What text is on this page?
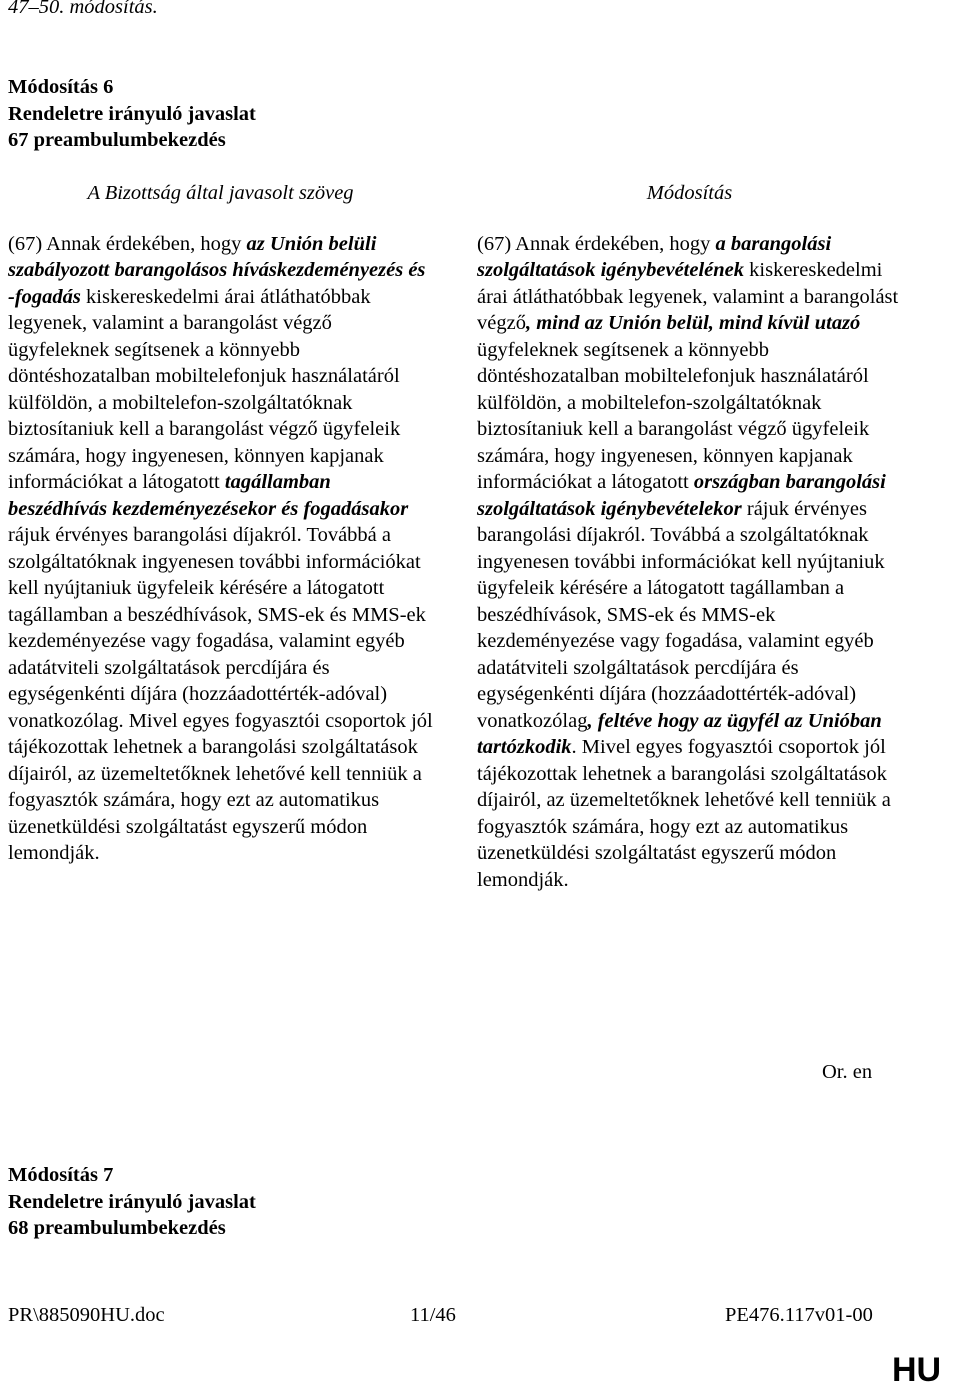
47–50. módosítás.
Módosítás 6
Rendeletre irányuló javaslat
67 preambulumbekezdés
A Bizottság által javasolt szöveg

(67) Annak érdekében, hogy az Unión belüli szabályozott barangolásos híváskezdeményezés és -fogadás kiskereskedelmi árai átláthatóbbak legyenek, valamint a barangolást végző ügyfeleknek segítsenek a könnyebb döntéshozatalban mobiltelefonjuk használatáról külföldön, a mobiltelefon-szolgáltatóknak biztosítaniuk kell a barangolást végző ügyfeleik számára, hogy ingyenesen, könnyen kapjanak információkat a látogatott tagállamban beszédhívás kezdeményezésekor és fogadásakor rájuk érvényes barangolási díjakról. Továbbá a szolgáltatóknak ingyenesen további információkat kell nyújtaniuk ügyfeleik kérésére a látogatott tagállamban a beszédhívások, SMS-ek és MMS-ek kezdeményezése vagy fogadása, valamint egyéb adatátviteli szolgáltatások percdíjára és egységenkénti díjára (hozzáadottérték-adóval) vonatkozólag. Mivel egyes fogyasztói csoportok jól tájékozottak lehetnek a barangolási szolgáltatások díjairól, az üzemeltetőknek lehetővé kell tenniük a fogyasztók számára, hogy ezt az automatikus üzenetküldési szolgáltatást egyszerű módon lemondják.

Módosítás

(67) Annak érdekében, hogy a barangolási szolgáltatások igénybevételének kiskereskedelmi árai átláthatóbbak legyenek, valamint a barangolást végző, mind az Unión belül, mind kívül utazó ügyfeleknek segítsenek a könnyebb döntéshozatalban mobiltelefonjuk használatáról külföldön, a mobiltelefon-szolgáltatóknak biztosítaniuk kell a barangolást végző ügyfeleik számára, hogy ingyenesen, könnyen kapjanak információkat a látogatott országban barangolási szolgáltatások igénybevételekor rájuk érvényes barangolási díjakról. Továbbá a szolgáltatóknak ingyenesen további információkat kell nyújtaniuk ügyfeleik kérésére a látogatott tagállamban a beszédhívások, SMS-ek és MMS-ek kezdeményezése vagy fogadása, valamint egyéb adatátviteli szolgáltatások percdíjára és egységenkénti díjára (hozzáadottérték-adóval) vonatkozólag, feltéve hogy az ügyfél az Unióban tartózkodik. Mivel egyes fogyasztói csoportok jól tájékozottak lehetnek a barangolási szolgáltatások díjairól, az üzemeltetőknek lehetővé kell tenniük a fogyasztók számára, hogy ezt az automatikus üzenetküldési szolgáltatást egyszerű módon lemondják.

Or. en
Módosítás 7
Rendeletre irányuló javaslat
68 preambulumbekezdés
PR\885090HU.doc	11/46	PE476.117v01-00
HU
